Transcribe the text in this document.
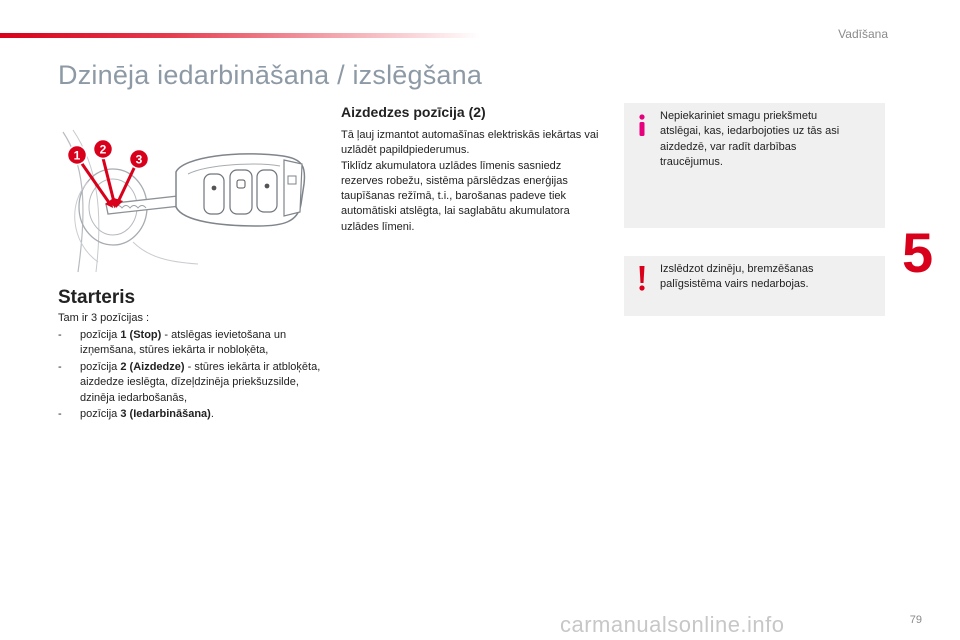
Vadīšana
Dzinēja iedarbināšana / izslēgšana
1 2
3
Starteris

Tam ir 3 pozīcijas :

- pozīcija 1 (Stop) - atslēgas ievietošana un izņemšana, stūres iekārta ir nobloķēta,
- pozīcija 2 (Aizdedze) - stūres iekārta ir atbloķēta, aizdedze ieslēgta, dīzeļdzinēja priekšuzsilde, dzinēja iedarbošanās,
- pozīcija 3 (Iedarbināšana).
Aizdedzes pozīcija (2)

Tā ļauj izmantot automašīnas elektriskās iekārtas vai uzlādēt papildpiederumus.
Tiklīdz akumulatora uzlādes līmenis sasniedz rezerves robežu, sistēma pārslēdzas enerģijas taupīšanas režīmā, t.i., barošanas padeve tiek automātiski atslēgta, lai saglabātu akumulatora uzlādes līmeni.

Nepiekariniet smagu priekšmetu atslēgai, kas, iedarbojoties uz tās asi aizdedzē, var radīt darbības traucējumus.

Izslēdzot dzinēju, bremzēšanas palīgsistēma vairs nedarbojas.

5
carmanualsonline.info	79
